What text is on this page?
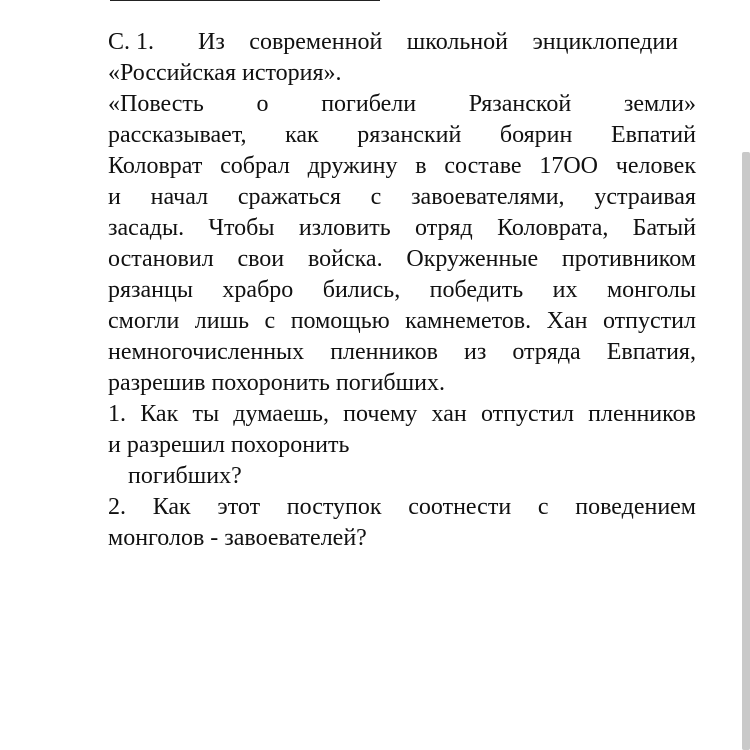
С. 1. Из современной школьной энциклопедии
«Российская история».
«Повесть о погибели Рязанской земли»
рассказывает, как рязанский боярин Евпатий
Коловрат собрал дружину в составе 17ОО человек
и начал сражаться с завоевателями, устраивая
засады. Чтобы изловить отряд Коловрата, Батый
остановил свои войска. Окруженные противником
рязанцы храбро бились, победить их монголы
смогли лишь с помощью камнеметов. Хан отпустил
немногочисленных пленников из отряда Евпатия,
разрешив похоронить погибших.
1. Как ты думаешь, почему хан отпустил пленников
и разрешил похоронить
погибших?
2. Как этот поступок соотнести с поведением
монголов - завоевателей?
